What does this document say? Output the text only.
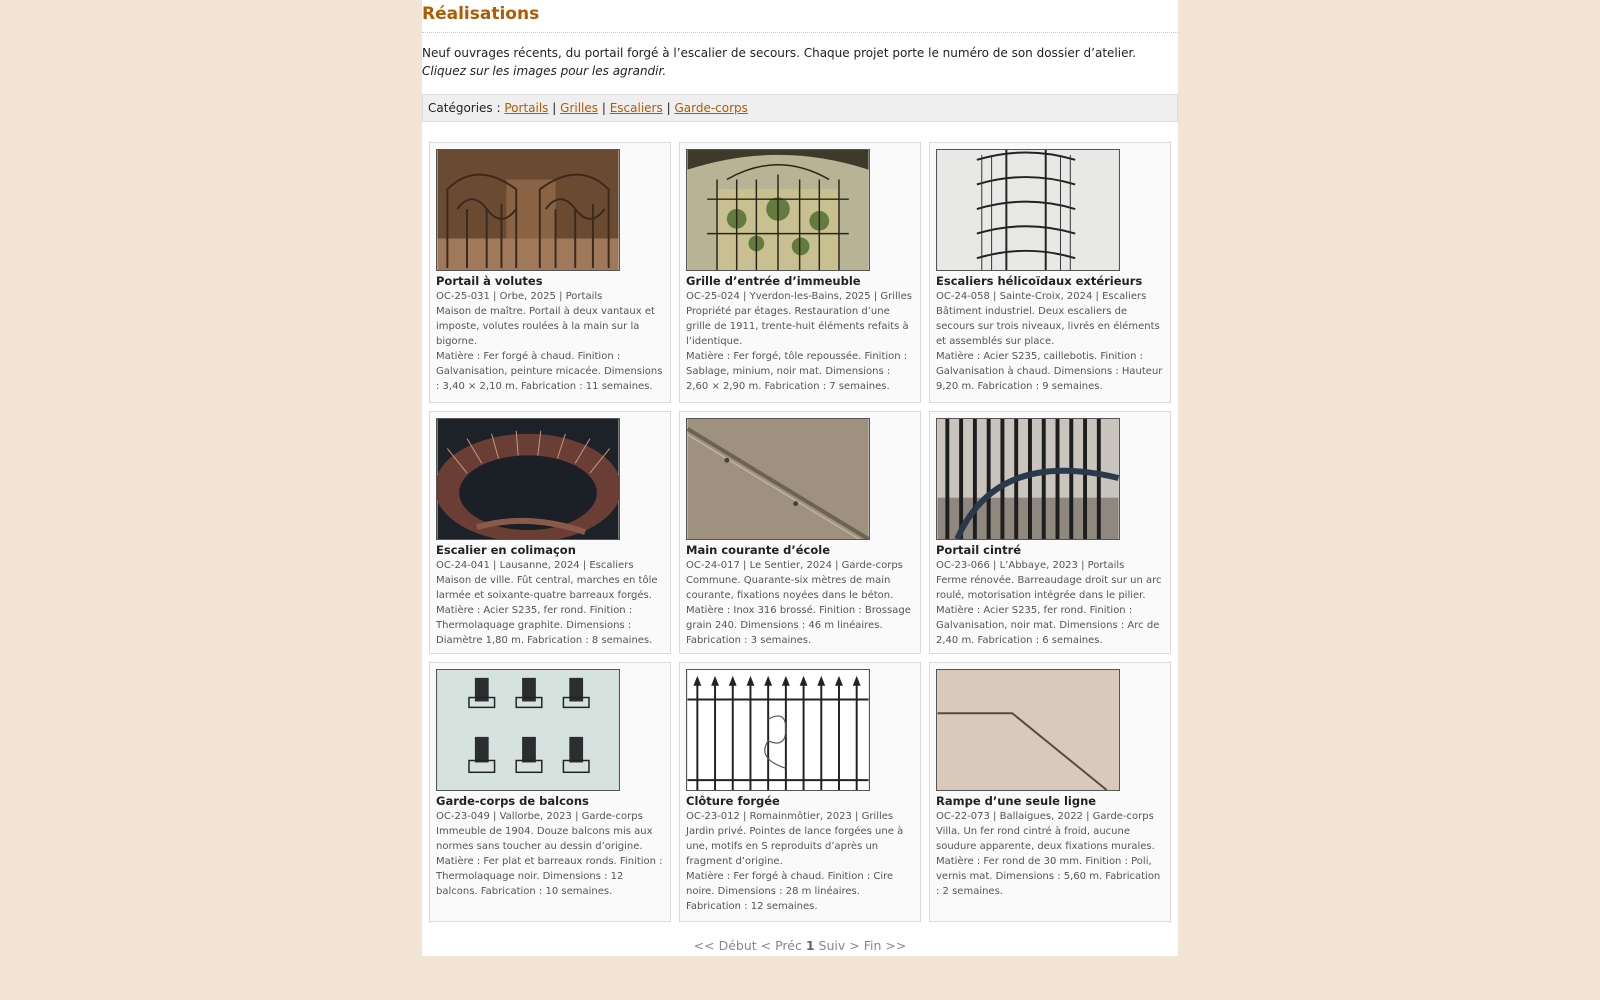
Réalisations

Neuf ouvrages récents, du portail forgé à l’escalier de secours. Chaque projet porte le numéro de son dossier d’atelier. Cliquez sur les images pour les agrandir.

Catégories : Portails | Grilles | Escaliers | Garde-corps
Portail à volutes
OC-25-031 | Orbe, 2025 | Portails
Maison de maître. Portail à deux vantaux et imposte, volutes roulées à la main sur la bigorne.
Matière : Fer forgé à chaud. Finition : Galvanisation, peinture micacée. Dimensions : 3,40 × 2,10 m. Fabrication : 11 semaines.
Grille d’entrée d’immeuble
OC-25-024 | Yverdon-les-Bains, 2025 | Grilles
Propriété par étages. Restauration d’une grille de 1911, trente-huit éléments refaits à l’identique.
Matière : Fer forgé, tôle repoussée. Finition : Sablage, minium, noir mat. Dimensions : 2,60 × 2,90 m. Fabrication : 7 semaines.
Escaliers hélicoïdaux extérieurs
OC-24-058 | Sainte-Croix, 2024 | Escaliers
Bâtiment industriel. Deux escaliers de secours sur trois niveaux, livrés en éléments et assemblés sur place.
Matière : Acier S235, caillebotis. Finition : Galvanisation à chaud. Dimensions : Hauteur 9,20 m. Fabrication : 9 semaines.
Escalier en colimaçon
OC-24-041 | Lausanne, 2024 | Escaliers
Maison de ville. Fût central, marches en tôle larmée et soixante-quatre barreaux forgés.
Matière : Acier S235, fer rond. Finition : Thermolaquage graphite. Dimensions : Diamètre 1,80 m. Fabrication : 8 semaines.
Main courante d’école
OC-24-017 | Le Sentier, 2024 | Garde-corps
Commune. Quarante-six mètres de main courante, fixations noyées dans le béton.
Matière : Inox 316 brossé. Finition : Brossage grain 240. Dimensions : 46 m linéaires. Fabrication : 3 semaines.
Portail cintré
OC-23-066 | L’Abbaye, 2023 | Portails
Ferme rénovée. Barreaudage droit sur un arc roulé, motorisation intégrée dans le pilier.
Matière : Acier S235, fer rond. Finition : Galvanisation, noir mat. Dimensions : Arc de 2,40 m. Fabrication : 6 semaines.
Garde-corps de balcons
OC-23-049 | Vallorbe, 2023 | Garde-corps
Immeuble de 1904. Douze balcons mis aux normes sans toucher au dessin d’origine.
Matière : Fer plat et barreaux ronds. Finition : Thermolaquage noir. Dimensions : 12 balcons. Fabrication : 10 semaines.
Clôture forgée
OC-23-012 | Romainmôtier, 2023 | Grilles
Jardin privé. Pointes de lance forgées une à une, motifs en S reproduits d’après un fragment d’origine.
Matière : Fer forgé à chaud. Finition : Cire noire. Dimensions : 28 m linéaires. Fabrication : 12 semaines.
Rampe d’une seule ligne
OC-22-073 | Ballaigues, 2022 | Garde-corps
Villa. Un fer rond cintré à froid, aucune soudure apparente, deux fixations murales.
Matière : Fer rond de 30 mm. Finition : Poli, vernis mat. Dimensions : 5,60 m. Fabrication : 2 semaines.
<< Début < Préc 1 Suiv > Fin >>
